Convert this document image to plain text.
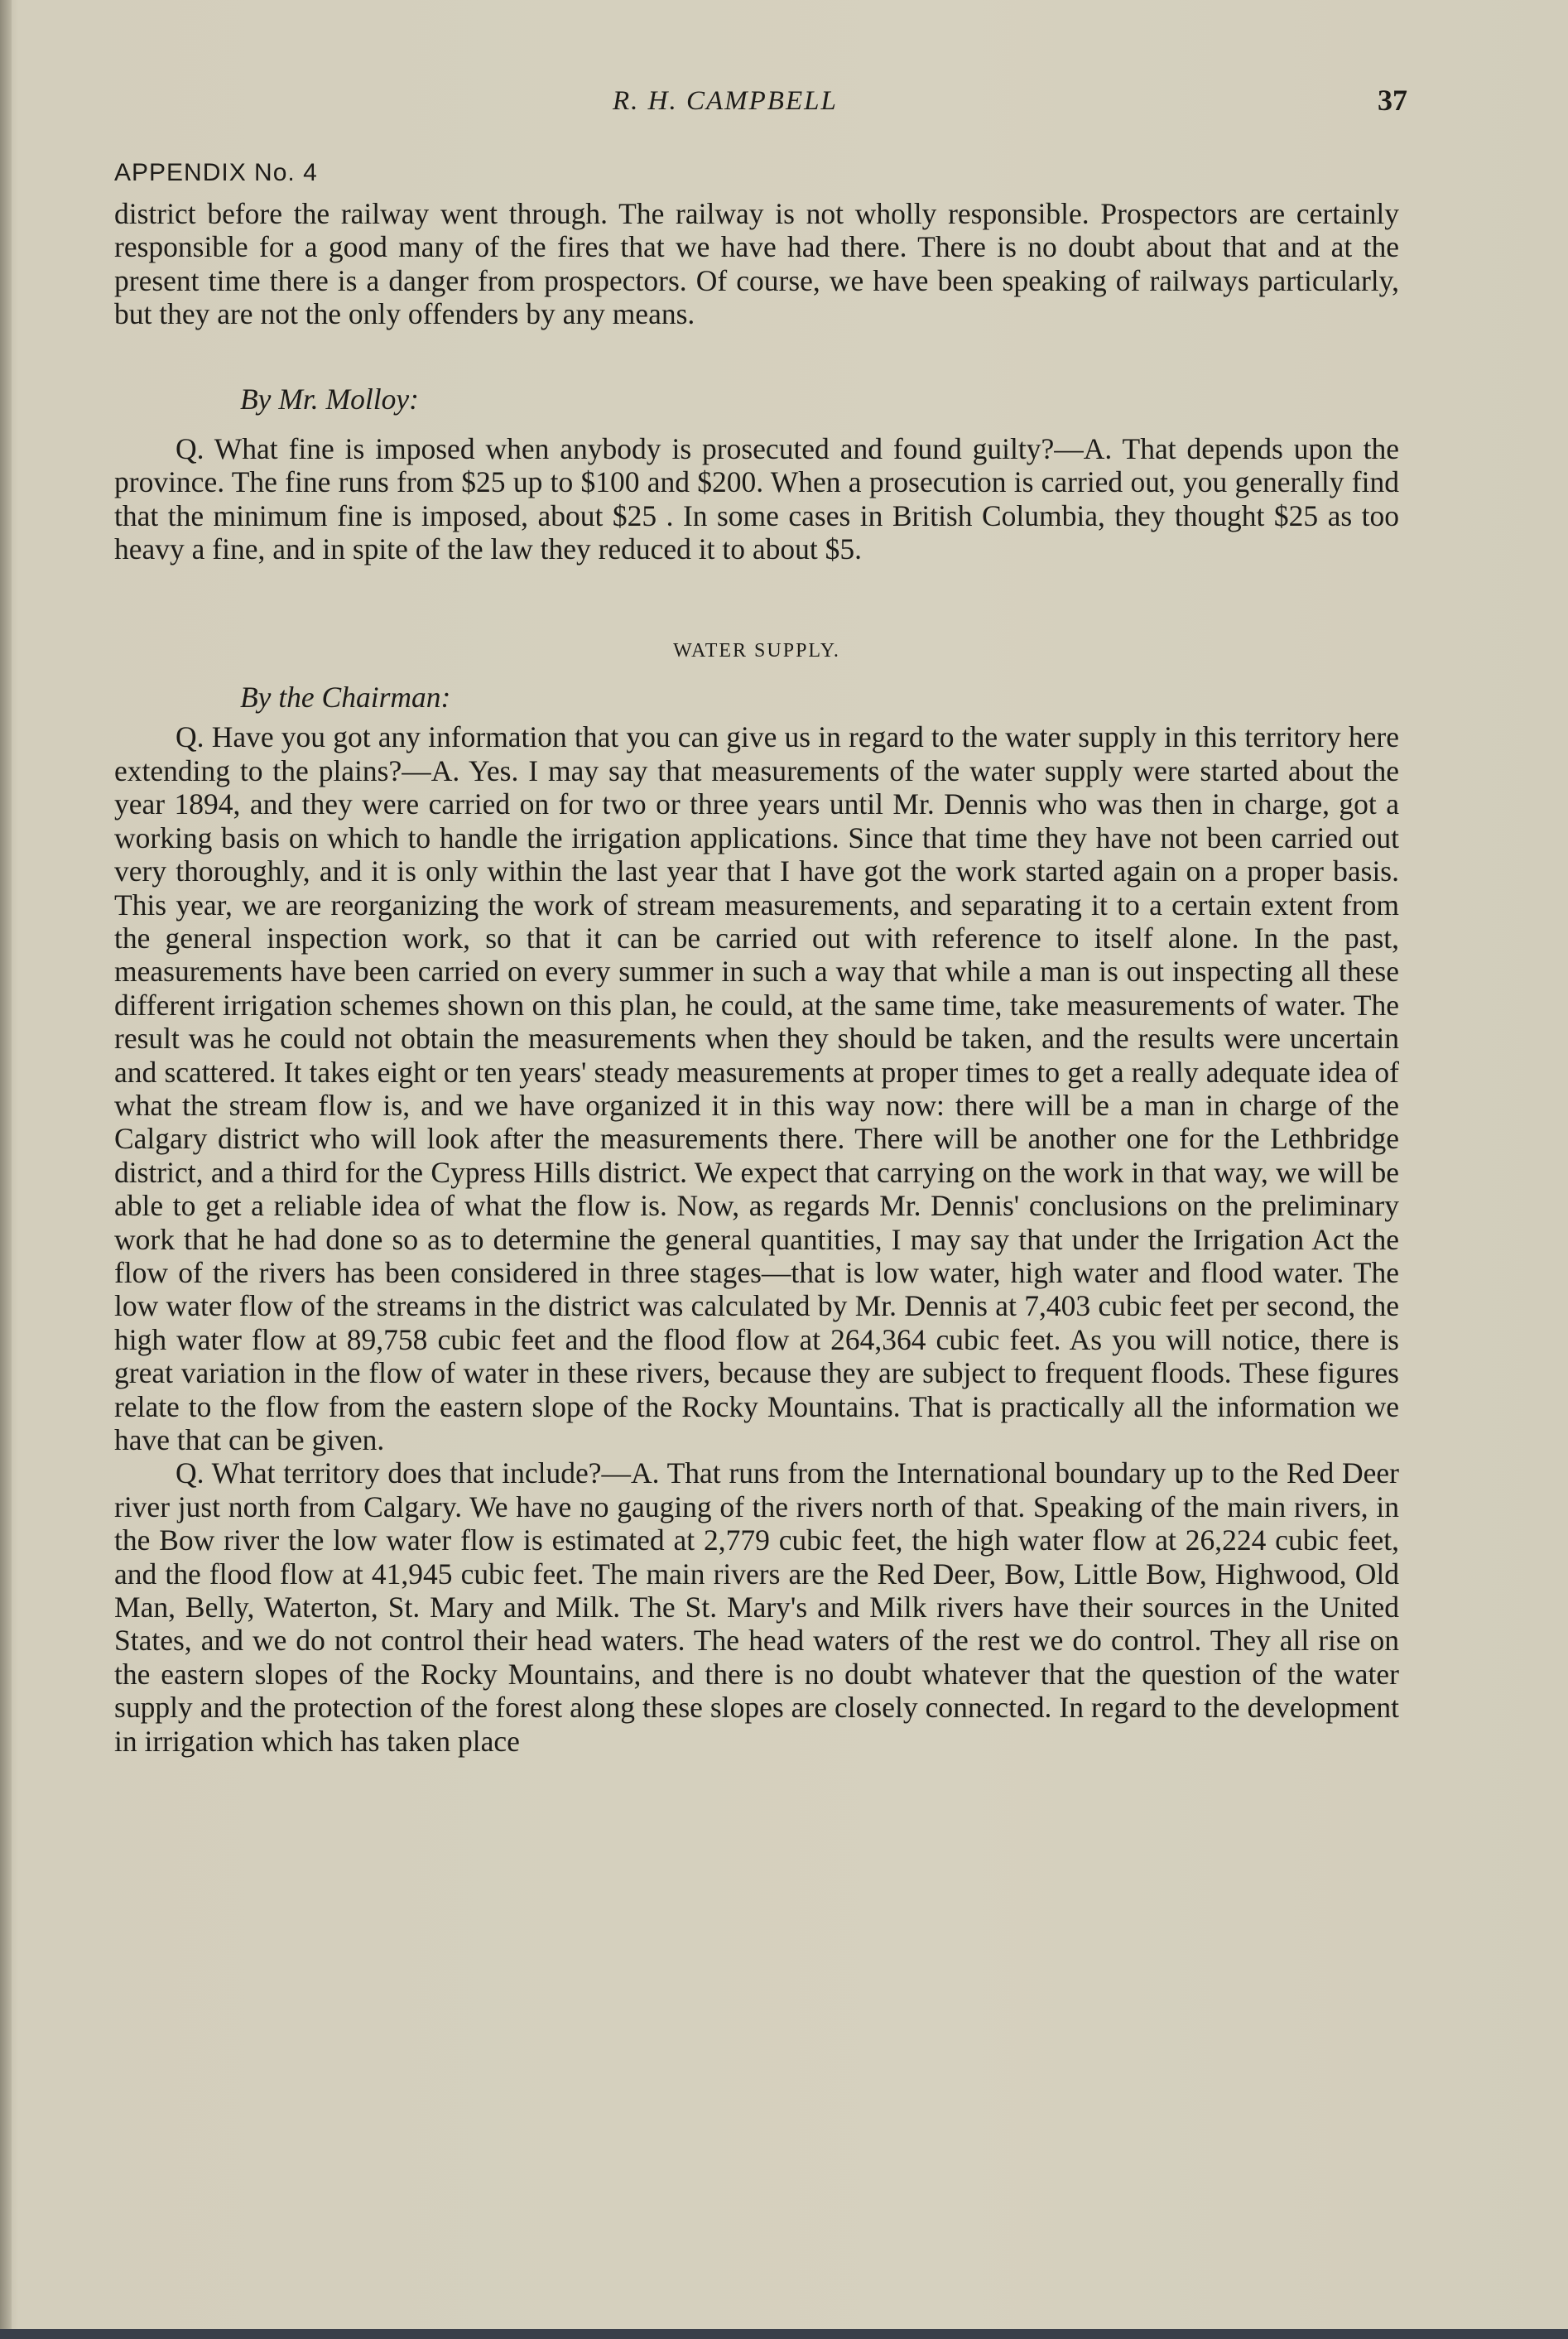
R. H. CAMPBELL	37
APPENDIX No. 4

district before the railway went through. The railway is not wholly responsible. Prospectors are certainly responsible for a good many of the fires that we have had there. There is no doubt about that and at the present time there is a danger from prospectors. Of course, we have been speaking of railways particularly, but they are not the only offenders by any means.

By Mr. Molloy:

Q. What fine is imposed when anybody is prosecuted and found guilty?—A. That depends upon the province. The fine runs from $25 up to $100 and $200. When a prosecution is carried out, you generally find that the minimum fine is imposed, about $25 . In some cases in British Columbia, they thought $25 as too heavy a fine, and in spite of the law they reduced it to about $5.

WATER SUPPLY.

By the Chairman:

Q. Have you got any information that you can give us in regard to the water supply in this territory here extending to the plains?—A. Yes. I may say that measurements of the water supply were started about the year 1894, and they were carried on for two or three years until Mr. Dennis who was then in charge, got a working basis on which to handle the irrigation applications. Since that time they have not been carried out very thoroughly, and it is only within the last year that I have got the work started again on a proper basis. This year, we are reorganizing the work of stream measurements, and separating it to a certain extent from the general inspection work, so that it can be carried out with reference to itself alone. In the past, measurements have been carried on every summer in such a way that while a man is out inspecting all these different irrigation schemes shown on this plan, he could, at the same time, take measurements of water. The result was he could not obtain the measurements when they should be taken, and the results were uncertain and scattered. It takes eight or ten years' steady measurements at proper times to get a really adequate idea of what the stream flow is, and we have organized it in this way now: there will be a man in charge of the Calgary district who will look after the measurements there. There will be another one for the Lethbridge district, and a third for the Cypress Hills district. We expect that carrying on the work in that way, we will be able to get a reliable idea of what the flow is. Now, as regards Mr. Dennis' conclusions on the preliminary work that he had done so as to determine the general quantities, I may say that under the Irrigation Act the flow of the rivers has been considered in three stages—that is low water, high water and flood water. The low water flow of the streams in the district was calculated by Mr. Dennis at 7,403 cubic feet per second, the high water flow at 89,758 cubic feet and the flood flow at 264,364 cubic feet. As you will notice, there is great variation in the flow of water in these rivers, because they are subject to frequent floods. These figures relate to the flow from the eastern slope of the Rocky Mountains. That is practically all the information we have that can be given.

Q. What territory does that include?—A. That runs from the International boundary up to the Red Deer river just north from Calgary. We have no gauging of the rivers north of that. Speaking of the main rivers, in the Bow river the low water flow is estimated at 2,779 cubic feet, the high water flow at 26,224 cubic feet, and the flood flow at 41,945 cubic feet. The main rivers are the Red Deer, Bow, Little Bow, Highwood, Old Man, Belly, Waterton, St. Mary and Milk. The St. Mary's and Milk rivers have their sources in the United States, and we do not control their head waters. The head waters of the rest we do control. They all rise on the eastern slopes of the Rocky Mountains, and there is no doubt whatever that the question of the water supply and the protection of the forest along these slopes are closely connected. In regard to the development in irrigation which has taken place
